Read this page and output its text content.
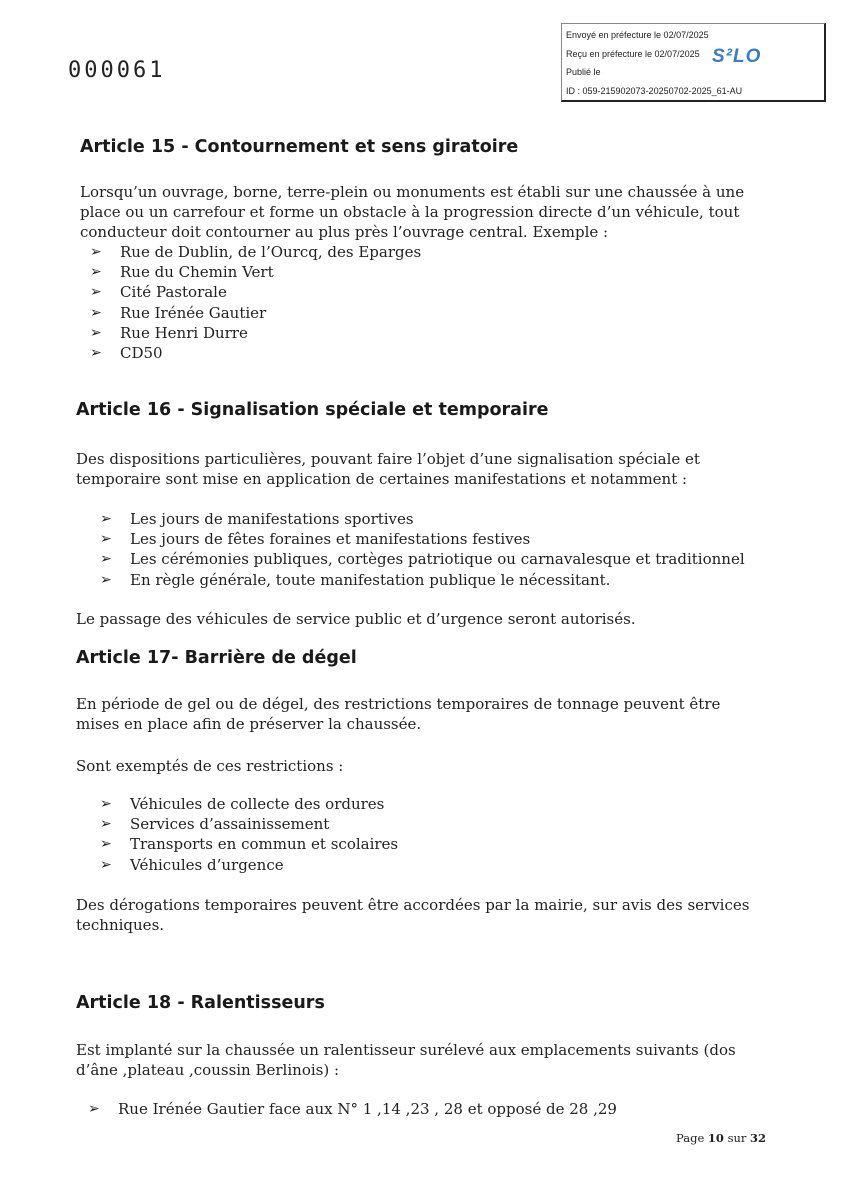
000061
Envoyé en préfecture le 02/07/2025
Reçu en préfecture le 02/07/2025
Publié le
ID : 059-215902073-20250702-2025_61-AU
S²LO
Article 15 - Contournement et sens giratoire

Lorsqu’un ouvrage, borne, terre-plein ou monuments est établi sur une chaussée à une place ou un carrefour et forme un obstacle à la progression directe d’un véhicule, tout conducteur doit contourner au plus près l’ouvrage central. Exemple :

➢ Rue de Dublin, de l’Ourcq, des Eparges
➢ Rue du Chemin Vert
➢ Cité Pastorale
➢ Rue Irénée Gautier
➢ Rue Henri Durre
➢ CD50
Article 16 - Signalisation spéciale et temporaire

Des dispositions particulières, pouvant faire l’objet d’une signalisation spéciale et temporaire sont mise en application de certaines manifestations et notamment :

➢ Les jours de manifestations sportives
➢ Les jours de fêtes foraines et manifestations festives
➢ Les cérémonies publiques, cortèges patriotique ou carnavalesque et traditionnel
➢ En règle générale, toute manifestation publique le nécessitant.

Le passage des véhicules de service public et d’urgence seront autorisés.

Article 17- Barrière de dégel

En période de gel ou de dégel, des restrictions temporaires de tonnage peuvent être mises en place afin de préserver la chaussée.

Sont exemptés de ces restrictions :

➢ Véhicules de collecte des ordures
➢ Services d’assainissement
➢ Transports en commun et scolaires
➢ Véhicules d’urgence

Des dérogations temporaires peuvent être accordées par la mairie, sur avis des services techniques.

Article 18 - Ralentisseurs

Est implanté sur la chaussée un ralentisseur surélevé aux emplacements suivants (dos d’âne ,plateau ,coussin Berlinois) :

➢ Rue Irénée Gautier face aux N° 1 ,14 ,23 , 28 et opposé de 28 ,29
Page 10 sur 32
